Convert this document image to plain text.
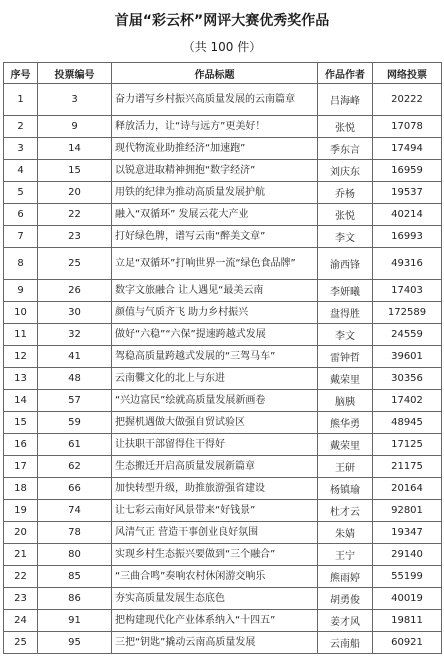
首届“彩云杯”网评大赛优秀奖作品
（共 100 件）
序号	投票编号	作品标题	作品作者	网络投票
1	3	奋力谱写乡村振兴高质量发展的云南篇章	吕海峰	20222
2	9	释放活力，让“诗与远方”更美好！	张悦	17078
3	14	现代物流业助推经济“加速跑”	季东言	17494
4	15	以锐意进取精神拥抱“数字经济”	刘庆东	16959
5	20	用铁的纪律为推动高质量发展护航	乔杨	19537
6	22	融入“双循环” 发展云花大产业	张悦	40214
7	23	打好绿色牌，谱写云南“醉美文章”	李文	16993
8	25	立足“双循环”打响世界一流“绿色食品牌”	渝西锋	49316
9	26	数字文旅融合 让人遇见“最美云南	李妍曦	17403
10	30	颜值与气质齐飞 助力乡村振兴	盘得胜	172589
11	32	做好“六稳”“六保”提速跨越式发展	李文	24559
12	41	驾稳高质量跨越式发展的“三驾马车”	雷钟哲	39601
13	48	云南爨文化的北上与东进	戴荣里	30356
14	57	“兴边富民”绘就高质量发展新画卷	脑胰	17402
15	59	把握机遇做大做强自贸试验区	熊华勇	48945
16	61	让扶职干部留得住干得好	戴荣里	17125
17	62	生态搬迁开启高质量发展新篇章	王研	21175
18	66	加快转型升级，助推旅游强省建设	杨镇瑜	20164
19	74	让七彩云南好风景带来“好钱景”	杜才云	92801
20	78	风清气正 营造干事创业良好氛围	朱婧	19347
21	80	实现乡村生态振兴要做到“三个融合”	王宁	29140
22	85	“三曲合鸣”奏响农村休闲游交响乐	熊雨婷	55199
23	86	夯实高质量发展生态底色	胡勇俊	40019
24	91	把构建现代化产业体系纳入“十四五”	姜才风	19811
25	95	三把“钥匙”撬动云南高质量发展	云南船	60921
